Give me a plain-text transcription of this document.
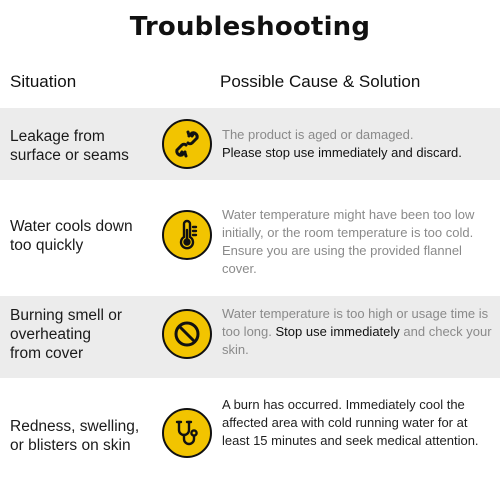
Troubleshooting
Situation	Possible Cause & Solution
Leakage from
surface or seams
The product is aged or damaged.
Please stop use immediately and discard.
Water cools down
too quickly
Water temperature might have been too low initially, or the room temperature is too cold. Ensure you are using the provided flannel cover.
Burning smell or
overheating
from cover
Water temperature is too high or usage time is too long. Stop use immediately and check your skin.
Redness, swelling,
or blisters on skin
A burn has occurred. Immediately cool the affected area with cold running water for at least 15 minutes and seek medical attention.
